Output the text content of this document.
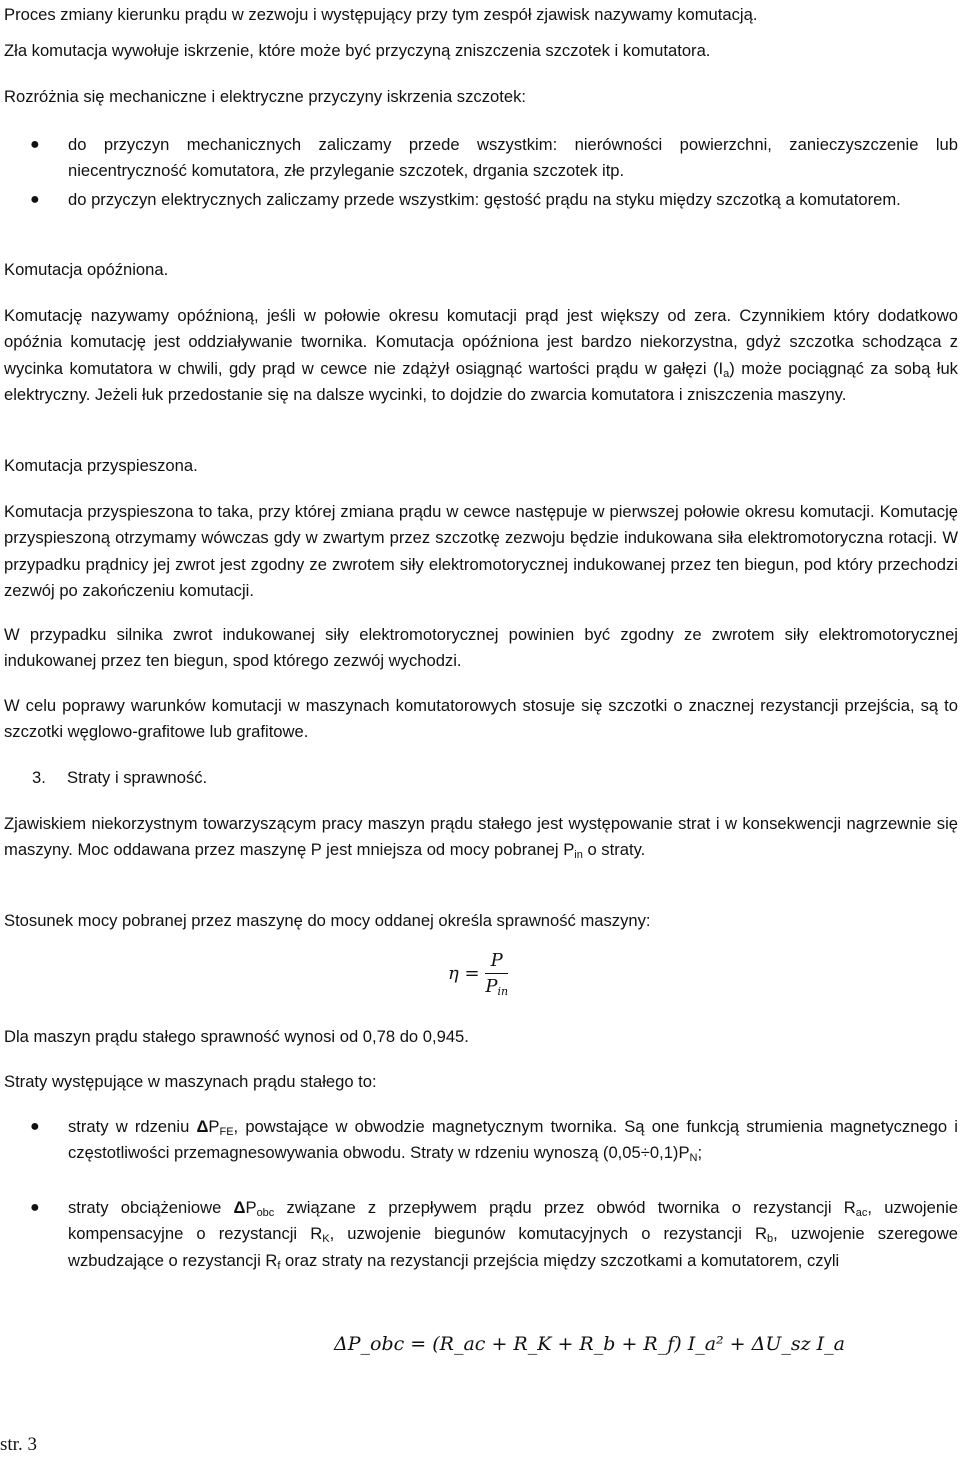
Proces zmiany kierunku prądu w zezwoju i występujący przy tym zespół zjawisk nazywamy komutacją.

Zła komutacja wywołuje iskrzenie, które może być przyczyną zniszczenia szczotek i komutatora.

Rozróżnia się mechaniczne i elektryczne przyczyny iskrzenia szczotek:

● do przyczyn mechanicznych zaliczamy przede wszystkim: nierówności powierzchni, zanieczyszczenie lub niecentryczność komutatora, złe przyleganie szczotek, drgania szczotek itp.

● do przyczyn elektrycznych zaliczamy przede wszystkim: gęstość prądu na styku między szczotką a komutatorem.

Komutacja opóźniona.

Komutację nazywamy opóźnioną, jeśli w połowie okresu komutacji prąd jest większy od zera. Czynnikiem który dodatkowo opóźnia komutację jest oddziaływanie twornika. Komutacja opóźniona jest bardzo niekorzystna, gdyż szczotka schodząca z wycinka komutatora w chwili, gdy prąd w cewce nie zdążył osiągnąć wartości prądu w gałęzi $(I_a)$ może pociągnąć za sobą łuk elektryczny. Jeżeli łuk przedostanie się na dalsze wycinki, to dojdzie do zwarcia komutatora i zniszczenia maszyny.

Komutacja przyspieszona.

Komutacja przyspieszona to taka, przy której zmiana prądu w cewce następuje w pierwszej połowie okresu komutacji. Komutację przyspieszoną otrzymamy wówczas gdy w zwartym przez szczotkę zezwoju będzie indukowana siła elektromotoryczna rotacji. W przypadku prądnicy jej zwrot jest zgodny ze zwrotem siły elektromotorycznej indukowanej przez ten biegun, pod który przechodzi zezwój po zakończeniu komutacji.

W przypadku silnika zwrot indukowanej siły elektromotorycznej powinien być zgodny ze zwrotem siły elektromotorycznej indukowanej przez ten biegun, spod którego zezwój wychodzi.

W celu poprawy warunków komutacji w maszynach komutatorowych stosuje się szczotki o znacznej rezystancji przejścia, są to szczotki węglowo-grafitowe lub grafitowe.

3. Straty i sprawność.

Zjawiskiem niekorzystnym towarzyszącym pracy maszyn prądu stałego jest występowanie strat i w konsekwencji nagrzewnie się maszyny. Moc oddawana przez maszynę P jest mniejsza od mocy pobranej $P_{in}$ o straty.

Stosunek mocy pobranej przez maszynę do mocy oddanej określa sprawność maszyny:

$\eta = \frac{P}{P_{in}}$

Dla maszyn prądu stałego sprawność wynosi od 0,78 do 0,945.

Straty występujące w maszynach prądu stałego to:

● straty w rdzeniu $\Delta P_{FE}$, powstające w obwodzie magnetycznym twornika. Są one funkcją strumienia magnetycznego i częstotliwości przemagnesowywania obwodu. Straty w rdzeniu wynoszą $(0,05\div 0,1)P_N$;

● straty obciążeniowe $\Delta P_{obc}$ związane z przepływem prądu przez obwód twornika o rezystancji $R_{ac}$, uzwojenie kompensacyjne o rezystancji $R_K$, uzwojenie biegunów komutacyjnych o rezystancji $R_b$, uzwojenie szeregowe wzbudzające o rezystancji $R_f$ oraz straty na rezystancji przejścia między szczotkami a komutatorem, czyli

ΔP_obc = (R_ac + R_K + R_b + R_f) I_a² + ΔU_sz I_a
str. 3
